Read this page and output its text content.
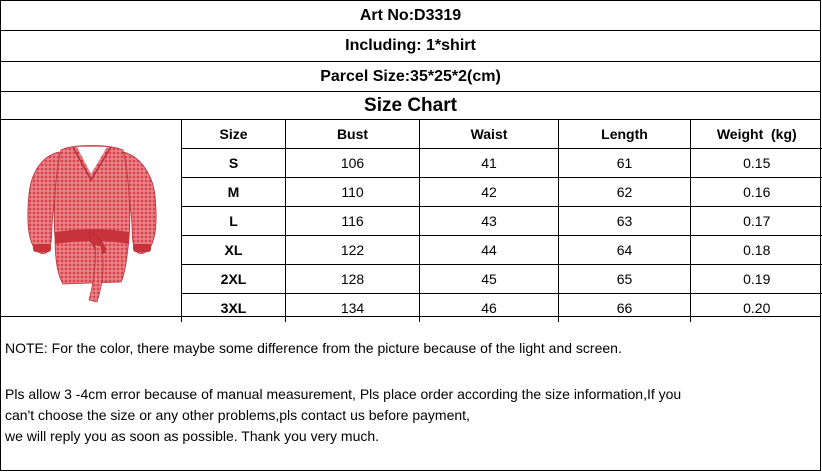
Art No:D3319
Including: 1*shirt
Parcel Size:35*25*2(cm)
Size Chart
Size	Bust	Waist	Length	Weight  (kg)
S	106	41	61	0.15
M	110	42	62	0.16
L	116	43	63	0.17
XL	122	44	64	0.18
2XL	128	45	65	0.19
3XL	134	46	66	0.20

NOTE: For the color, there maybe some difference from the picture because of the light and screen.

Pls allow 3 -4cm error because of manual measurement, Pls place order according the size information,If you

can't choose the size or any other problems,pls contact us before payment,

we will reply you as soon as possible. Thank you very much.
